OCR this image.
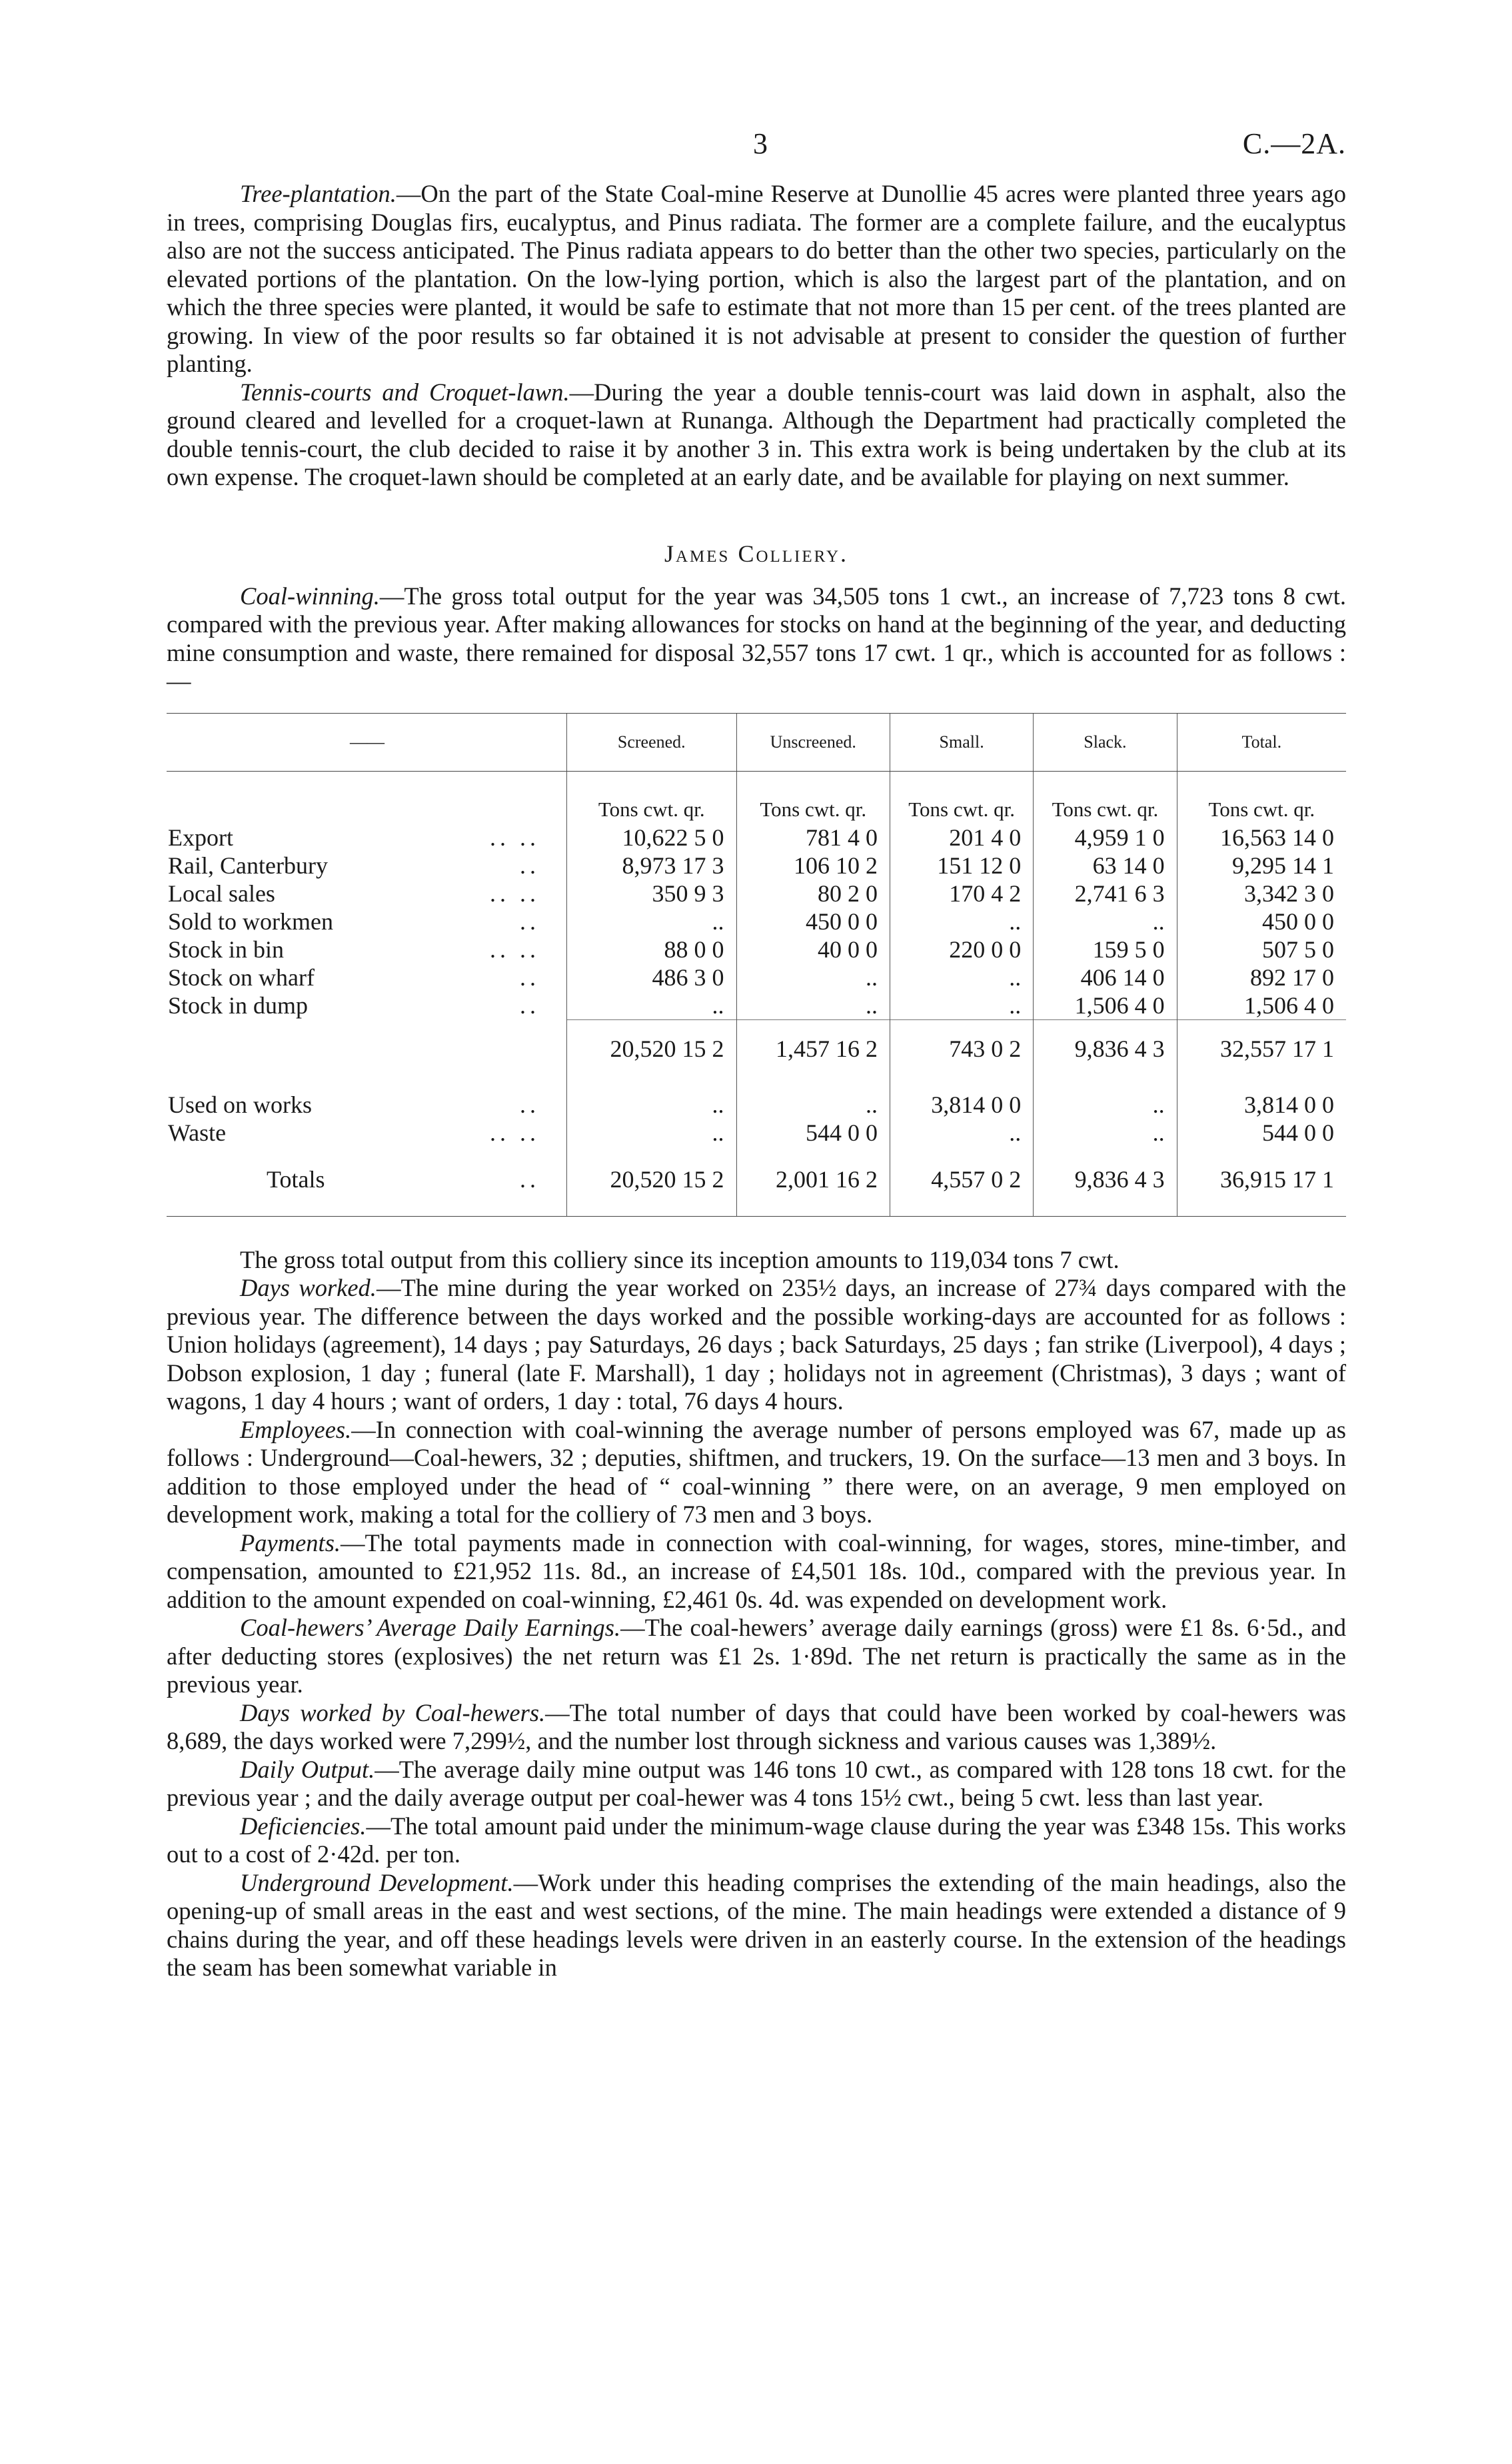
3	C.—2A.

Tree-plantation.—On the part of the State Coal-mine Reserve at Dunollie 45 acres were planted three years ago in trees, comprising Douglas firs, eucalyptus, and Pinus radiata. The former are a complete failure, and the eucalyptus also are not the success anticipated. The Pinus radiata appears to do better than the other two species, particularly on the elevated portions of the plantation. On the low-lying portion, which is also the largest part of the plantation, and on which the three species were planted, it would be safe to estimate that not more than 15 per cent. of the trees planted are growing. In view of the poor results so far obtained it is not advisable at present to consider the question of further planting.

Tennis-courts and Croquet-lawn.—During the year a double tennis-court was laid down in asphalt, also the ground cleared and levelled for a croquet-lawn at Runanga. Although the Department had practically completed the double tennis-court, the club decided to raise it by another 3 in. This extra work is being undertaken by the club at its own expense. The croquet-lawn should be completed at an early date, and be available for playing on next summer.

James Colliery.

Coal-winning.—The gross total output for the year was 34,505 tons 1 cwt., an increase of 7,723 tons 8 cwt. compared with the previous year. After making allowances for stocks on hand at the beginning of the year, and deducting mine consumption and waste, there remained for disposal 32,557 tons 17 cwt. 1 qr., which is accounted for as follows :—

——	Screened.	Unscreened.	Small.	Slack.	Total.
	Tons cwt. qr.	Tons cwt. qr.	Tons cwt. qr.	Tons cwt. qr.	Tons cwt. qr.
Export .. ..	10,622 5 0	781 4 0	201 4 0	4,959 1 0	16,563 14 0
Rail, Canterbury ..	8,973 17 3	106 10 2	151 12 0	63 14 0	9,295 14 1
Local sales .. ..	350 9 3	80 2 0	170 4 2	2,741 6 3	3,342 3 0
Sold to workmen ..	..	450 0 0	..	..	450 0 0
Stock in bin .. ..	88 0 0	40 0 0	220 0 0	159 5 0	507 5 0
Stock on wharf ..	486 3 0	..	..	406 14 0	892 17 0
Stock in dump ..	..	..	..	1,506 4 0	1,506 4 0
	20,520 15 2	1,457 16 2	743 0 2	9,836 4 3	32,557 17 1

Used on works ..	..	..	3,814 0 0	..	3,814 0 0
Waste .. ..	..	544 0 0	..	..	544 0 0
Totals ..	20,520 15 2	2,001 16 2	4,557 0 2	9,836 4 3	36,915 17 1

The gross total output from this colliery since its inception amounts to 119,034 tons 7 cwt.

Days worked.—The mine during the year worked on 235½ days, an increase of 27¾ days compared with the previous year. The difference between the days worked and the possible working-days are accounted for as follows : Union holidays (agreement), 14 days ; pay Saturdays, 26 days ; back Saturdays, 25 days ; fan strike (Liverpool), 4 days ; Dobson explosion, 1 day ; funeral (late F. Marshall), 1 day ; holidays not in agreement (Christmas), 3 days ; want of wagons, 1 day 4 hours ; want of orders, 1 day : total, 76 days 4 hours.

Employees.—In connection with coal-winning the average number of persons employed was 67, made up as follows : Underground—Coal-hewers, 32 ; deputies, shiftmen, and truckers, 19. On the surface—13 men and 3 boys. In addition to those employed under the head of “ coal-winning ” there were, on an average, 9 men employed on development work, making a total for the colliery of 73 men and 3 boys.

Payments.—The total payments made in connection with coal-winning, for wages, stores, mine-timber, and compensation, amounted to £21,952 11s. 8d., an increase of £4,501 18s. 10d., compared with the previous year. In addition to the amount expended on coal-winning, £2,461 0s. 4d. was expended on development work.

Coal-hewers’ Average Daily Earnings.—The coal-hewers’ average daily earnings (gross) were £1 8s. 6·5d., and after deducting stores (explosives) the net return was £1 2s. 1·89d. The net return is practically the same as in the previous year.

Days worked by Coal-hewers.—The total number of days that could have been worked by coal-hewers was 8,689, the days worked were 7,299½, and the number lost through sickness and various causes was 1,389½.

Daily Output.—The average daily mine output was 146 tons 10 cwt., as compared with 128 tons 18 cwt. for the previous year ; and the daily average output per coal-hewer was 4 tons 15½ cwt., being 5 cwt. less than last year.

Deficiencies.—The total amount paid under the minimum-wage clause during the year was £348 15s. This works out to a cost of 2·42d. per ton.

Underground Development.—Work under this heading comprises the extending of the main headings, also the opening-up of small areas in the east and west sections, of the mine. The main headings were extended a distance of 9 chains during the year, and off these headings levels were driven in an easterly course. In the extension of the headings the seam has been somewhat variable in
